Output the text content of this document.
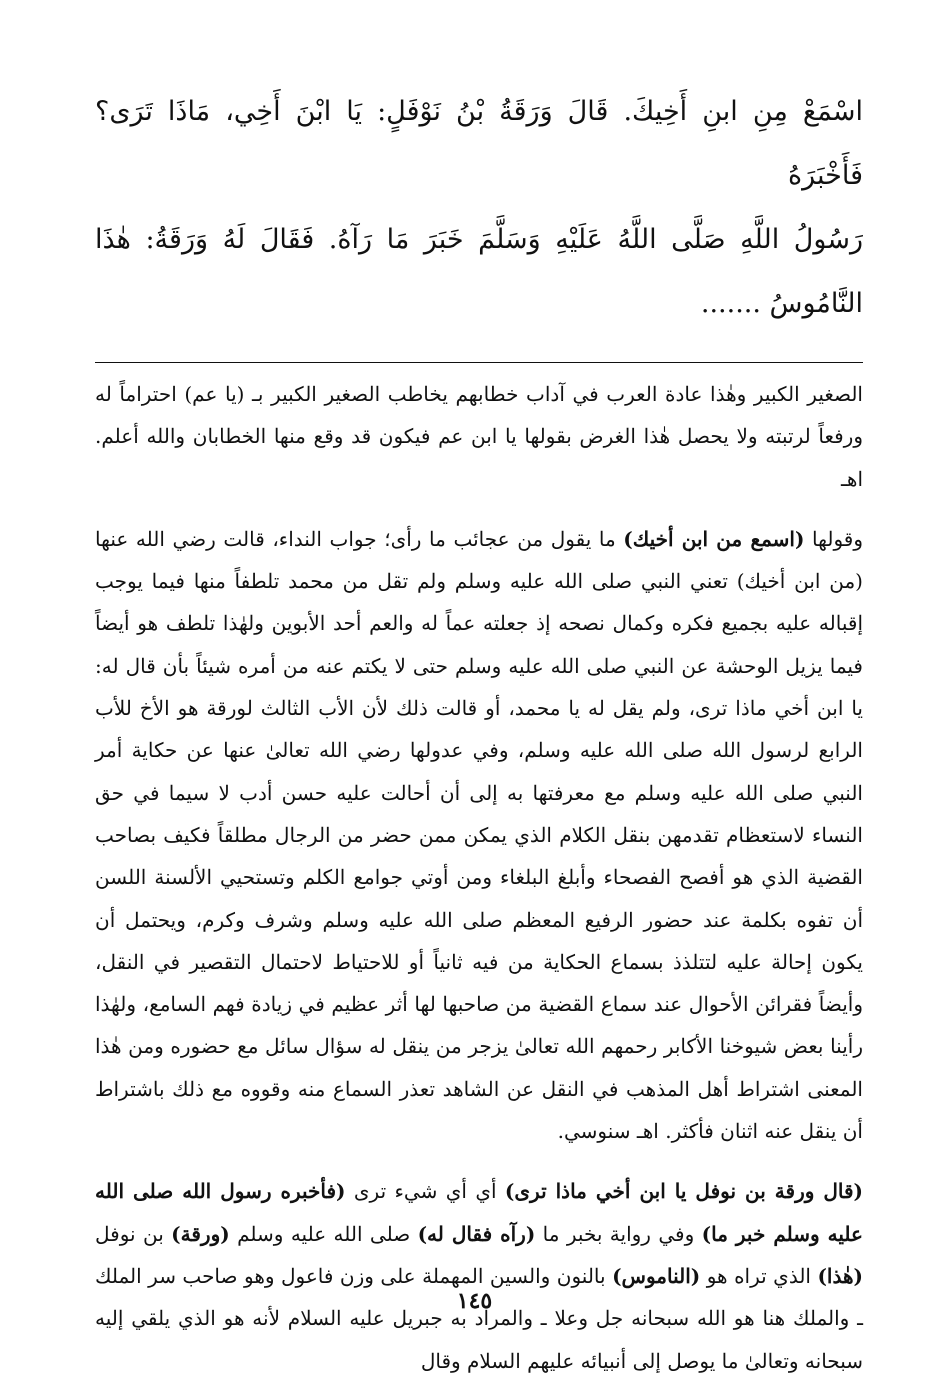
اسْمَعْ مِنِ ابنِ أَخِيكَ. قَالَ وَرَقَةُ بْنُ نَوْفَلٍ: يَا ابْنَ أَخِي، مَاذَا تَرَى؟ فَأَخْبَرَهُ

رَسُولُ اللَّهِ صَلَّى اللَّهُ عَلَيْهِ وَسَلَّمَ خَبَرَ مَا رَآهُ. فَقَالَ لَهُ وَرَقَةُ: هٰذَا النَّامُوسُ .......

الصغير الكبير وهٰذا عادة العرب في آداب خطابهم يخاطب الصغير الكبير بـ (يا عم) احتراماً له ورفعاً لرتبته ولا يحصل هٰذا الغرض بقولها يا ابن عم فيكون قد وقع منها الخطابان والله أعلم. اهـ

وقولها (اسمع من ابن أخيك) ما يقول من عجائب ما رأى؛ جواب النداء، قالت رضي الله عنها (من ابن أخيك) تعني النبي صلى الله عليه وسلم ولم تقل من محمد تلطفاً منها فيما يوجب إقباله عليه بجميع فكره وكمال نصحه إذ جعلته عماً له والعم أحد الأبوين ولهٰذا تلطف هو أيضاً فيما يزيل الوحشة عن النبي صلى الله عليه وسلم حتى لا يكتم عنه من أمره شيئاً بأن قال له: يا ابن أخي ماذا ترى، ولم يقل له يا محمد، أو قالت ذلك لأن الأب الثالث لورقة هو الأخ للأب الرابع لرسول الله صلى الله عليه وسلم، وفي عدولها رضي الله تعالىٰ عنها عن حكاية أمر النبي صلى الله عليه وسلم مع معرفتها به إلى أن أحالت عليه حسن أدب لا سيما في حق النساء لاستعظام تقدمهن بنقل الكلام الذي يمكن ممن حضر من الرجال مطلقاً فكيف بصاحب القضية الذي هو أفصح الفصحاء وأبلغ البلغاء ومن أوتي جوامع الكلم وتستحيي الألسنة اللسن أن تفوه بكلمة عند حضور الرفيع المعظم صلى الله عليه وسلم وشرف وكرم، ويحتمل أن يكون إحالة عليه لتتلذذ بسماع الحكاية من فيه ثانياً أو للاحتياط لاحتمال التقصير في النقل، وأيضاً فقرائن الأحوال عند سماع القضية من صاحبها لها أثر عظيم في زيادة فهم السامع، ولهٰذا رأينا بعض شيوخنا الأكابر رحمهم الله تعالىٰ يزجر من ينقل له سؤال سائل مع حضوره ومن هٰذا المعنى اشتراط أهل المذهب في النقل عن الشاهد تعذر السماع منه وقووه مع ذلك باشتراط أن ينقل عنه اثنان فأكثر. اهـ سنوسي.

(قال ورقة بن نوفل يا ابن أخي ماذا ترى) أي أي شيء ترى (فأخبره رسول الله صلى الله عليه وسلم خبر ما) وفي رواية بخبر ما (رآه فقال له) صلى الله عليه وسلم (ورقة) بن نوفل (هٰذا) الذي تراه هو (الناموس) بالنون والسين المهملة على وزن فاعول وهو صاحب سر الملك ـ والملك هنا هو الله سبحانه جل وعلا ـ والمراد به جبريل عليه السلام لأنه هو الذي يلقي إليه سبحانه وتعالىٰ ما يوصل إلى أنبيائه عليهم السلام وقال

١٤٥
